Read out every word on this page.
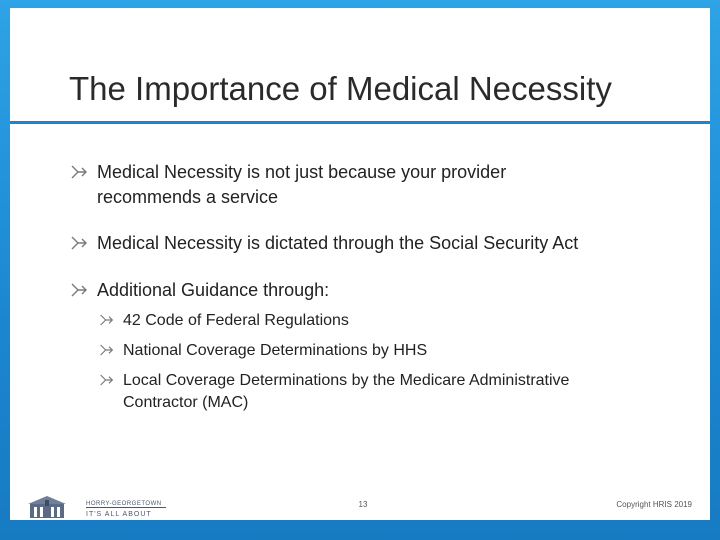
The Importance of Medical Necessity
Medical Necessity is not just because your provider
recommends a service
Medical Necessity is dictated through the Social Security Act
Additional Guidance through:
42 Code of Federal Regulations
National Coverage Determinations by HHS
Local Coverage Determinations by the Medicare Administrative
Contractor (MAC)
HORRY-GEORGETOWN
IT'S ALL ABOUT
13	Copyright HRIS 2019
